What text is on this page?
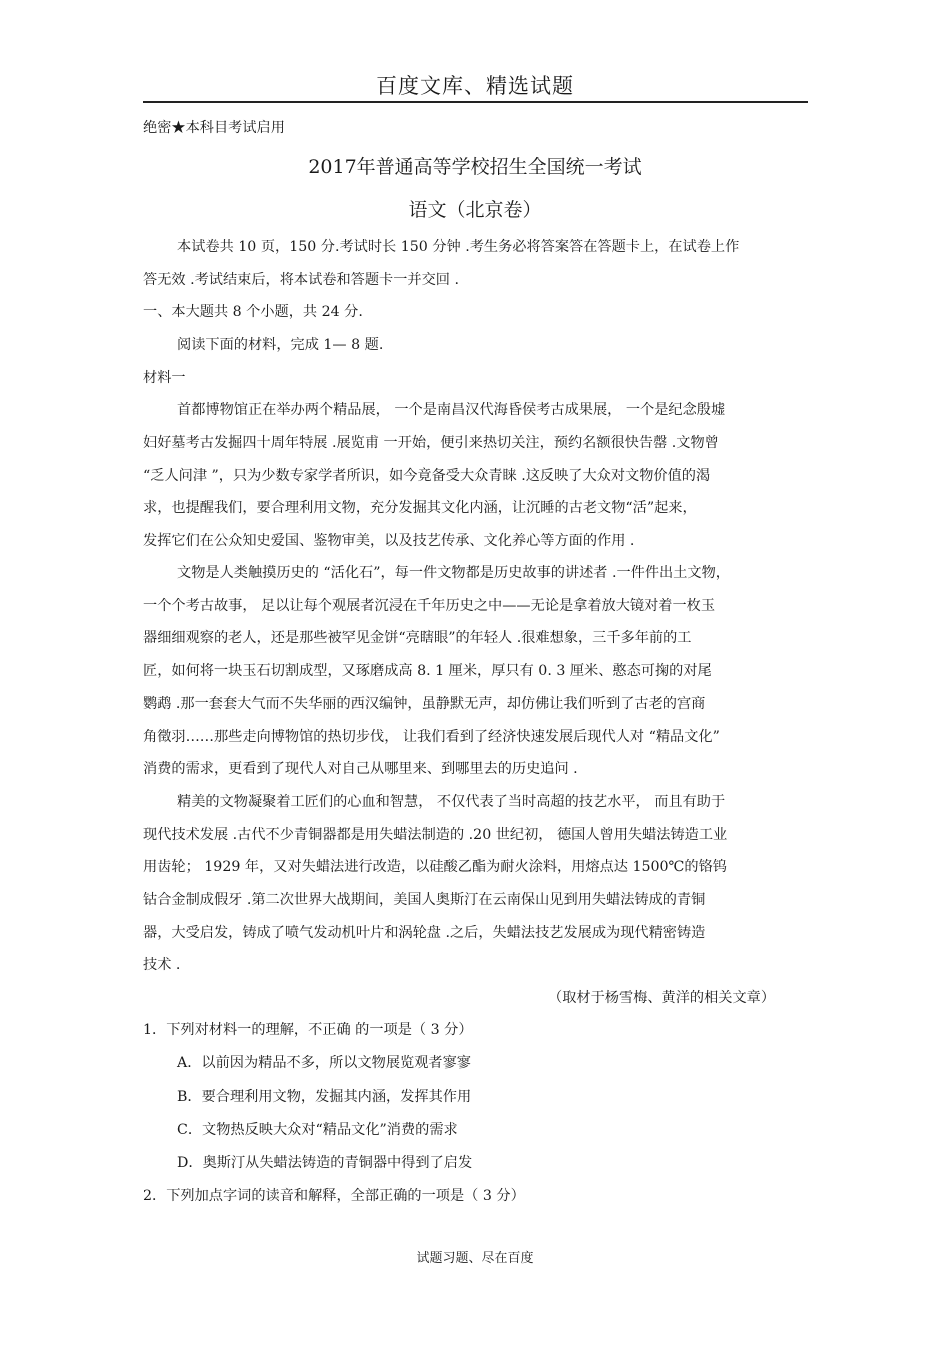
百度文库、精选试题
绝密★本科目考试启用
2017年普通高等学校招生全国统一考试
语文（北京卷）
本试卷共 10 页，150 分.考试时长 150 分钟 .考生务必将答案答在答题卡上，在试卷上作
答无效 .考试结束后，将本试卷和答题卡一并交回 .
一、本大题共 8 个小题，共 24 分.
阅读下面的材料，完成 1— 8 题.
材料一
首都博物馆正在举办两个精品展， 一个是南昌汉代海昏侯考古成果展， 一个是纪念殷墟
妇好墓考古发掘四十周年特展 .展览甫 一开始，便引来热切关注，预约名额很快告罄 .文物曾
“乏人问津 ”，只为少数专家学者所识，如今竟备受大众青睐 .这反映了大众对文物价值的渴
求，也提醒我们，要合理利用文物，充分发掘其文化内涵，让沉睡的古老文物“活”起来，
发挥它们在公众知史爱国、鉴物审美，以及技艺传承、文化养心等方面的作用 .
文物是人类触摸历史的 “活化石”，每一件文物都是历史故事的讲述者 .一件件出土文物，
一个个考古故事， 足以让每个观展者沉浸在千年历史之中——无论是拿着放大镜对着一枚玉
器细细观察的老人，还是那些被罕见金饼“亮瞎眼”的年轻人 .很难想象，三千多年前的工
匠，如何将一块玉石切割成型，又琢磨成高 8. 1 厘米，厚只有 0. 3 厘米、憨态可掬的对尾
鹦鹉 .那一套套大气而不失华丽的西汉编钟，虽静默无声，却仿佛让我们听到了古老的宫商
角徵羽……那些走向博物馆的热切步伐， 让我们看到了经济快速发展后现代人对 “精品文化”
消费的需求，更看到了现代人对自己从哪里来、到哪里去的历史追问 .
精美的文物凝聚着工匠们的心血和智慧， 不仅代表了当时高超的技艺水平， 而且有助于
现代技术发展 .古代不少青铜器都是用失蜡法制造的 .20 世纪初， 德国人曾用失蜡法铸造工业
用齿轮； 1929 年，又对失蜡法进行改造，以硅酸乙酯为耐火涂料，用熔点达 1500℃的铬钨
钴合金制成假牙 .第二次世界大战期间，美国人奥斯汀在云南保山见到用失蜡法铸成的青铜
器，大受启发，铸成了喷气发动机叶片和涡轮盘 .之后，失蜡法技艺发展成为现代精密铸造
技术 .
（取材于杨雪梅、黄洋的相关文章）
1．下列对材料一的理解，不正确 的一项是（ 3 分）
A．以前因为精品不多，所以文物展览观者寥寥
B．要合理利用文物，发掘其内涵，发挥其作用
C．文物热反映大众对“精品文化”消费的需求
D．奥斯汀从失蜡法铸造的青铜器中得到了启发
2．下列加点字词的读音和解释，全部正确的一项是（ 3 分）
试题习题、尽在百度
